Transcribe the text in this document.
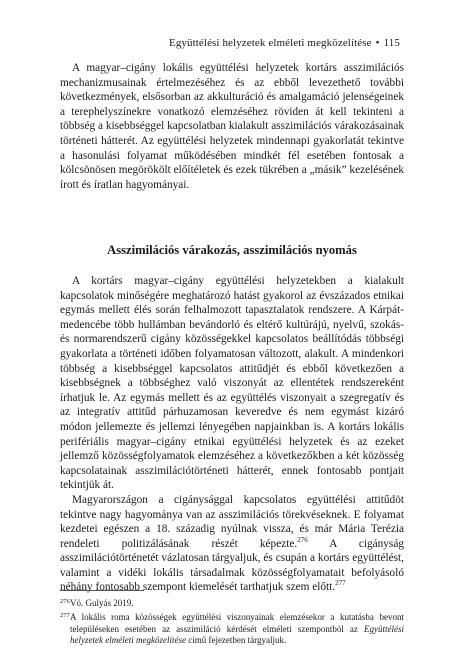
Együttélési helyzetek elméleti megközelítése • 115

A magyar–cigány lokális együttélési helyzetek kortárs asszimilációs mechanizmusainak értelmezéséhez és az ebből levezethető további következmények, elsősorban az akkulturáció és amalgamáció jelenségeinek a terephelyszínekre vonatkozó elemzéséhez röviden át kell tekinteni a többség a kisebbséggel kapcsolatban kialakult asszimilációs várakozásainak történeti hátterét. Az együttélési helyzetek mindennapi gyakorlatát tekintve a hasonulási folyamat működésében mindkét fél esetében fontosak a kölcsönösen megörökölt előítéletek és ezek tükrében a „másik” kezelésének írott és íratlan hagyományai.

Asszimilációs várakozás, asszimilációs nyomás

A kortárs magyar–cigány együttélési helyzetekben a kialakult kapcsolatok minőségére meghatározó hatást gyakorol az évszázados etnikai egymás mellett élés során felhalmozott tapasztalatok rendszere. A Kárpát-medencébe több hullámban bevándorló és eltérő kultúrájú, nyelvű, szokás- és normarendszerű cigány közösségekkel kapcsolatos beállítódás többségi gyakorlata a történeti időben folyamatosan változott, alakult. A mindenkori többség a kisebbséggel kapcsolatos attitűdjét és ebből következően a kisebbségnek a többséghez való viszonyát az ellentétek rendszereként írhatjuk le. Az egymás mellett és az együttélés viszonyait a szegregatív és az integratív attitűd párhuzamosan keveredve és nem egymást kizáró módon jellemezte és jellemzi lényegében napjainkban is. A kortárs lokális perifériális magyar–cigány etnikai együttélési helyzetek és az ezeket jellemző közösségfolyamatok elemzéséhez a következőkben a két közösség kapcsolatainak asszimilációtörténeti hátterét, ennek fontosabb pontjait tekintjük át.

Magyarországon a cigánysággal kapcsolatos együttélési attitűdöt tekintve nagy hagyománya van az asszimilációs törekvéseknek. E folyamat kezdetei egészen a 18. századig nyúlnak vissza, és már Mária Terézia rendeleti politizálásának részét képezte.$^{276}$ A cigányság asszimilációtörténetét vázlatosan tárgyaljuk, és csupán a kortárs együttélést, valamint a vidéki lokális társadalmak közösségfolyamatait befolyásoló néhány fontosabb szempont kiemelését tarthatjuk szem előtt.$^{277}$

276 Vö. Gulyás 2019.
277 A lokális roma közösségek együttélési viszonyainak elemzésekor a kutatásba bevont településeken esetében az asszimiláció kérdését elméleti szempontból az Együttélési helyzetek elméleti megközelítése című fejezetben tárgyaljuk.
